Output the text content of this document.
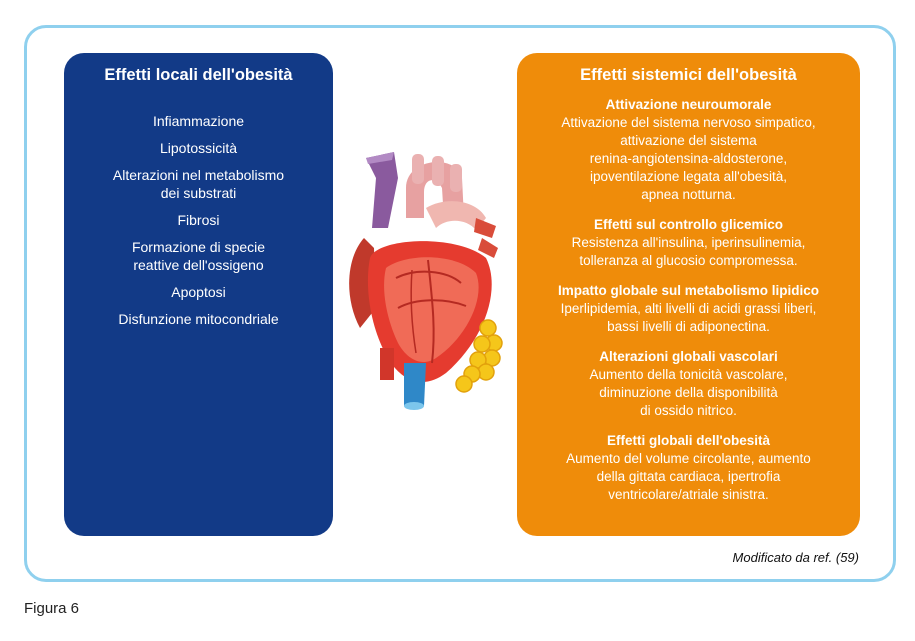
Effetti locali dell'obesità
Infiammazione
Lipotossicità
Alterazioni nel metabolismo
dei substrati
Fibrosi
Formazione di specie
reattive dell'ossigeno
Apoptosi
Disfunzione mitocondriale
Effetti sistemici dell'obesità
Attivazione neuroumorale
Attivazione del sistema nervoso simpatico,
attivazione del sistema
renina-angiotensina-aldosterone,
ipoventilazione legata all'obesità,
apnea notturna.
Effetti sul controllo glicemico
Resistenza all'insulina, iperinsulinemia,
tolleranza al glucosio compromessa.
Impatto globale sul metabolismo lipidico
Iperlipidemia, alti livelli di acidi grassi liberi,
bassi livelli di adiponectina.
Alterazioni globali vascolari
Aumento della tonicità vascolare,
diminuzione della disponibilità
di ossido nitrico.
Effetti globali dell'obesità
Aumento del volume circolante, aumento
della gittata cardiaca, ipertrofia
ventricolare/atriale sinistra.
Modificato da ref. (59)
Figura 6
